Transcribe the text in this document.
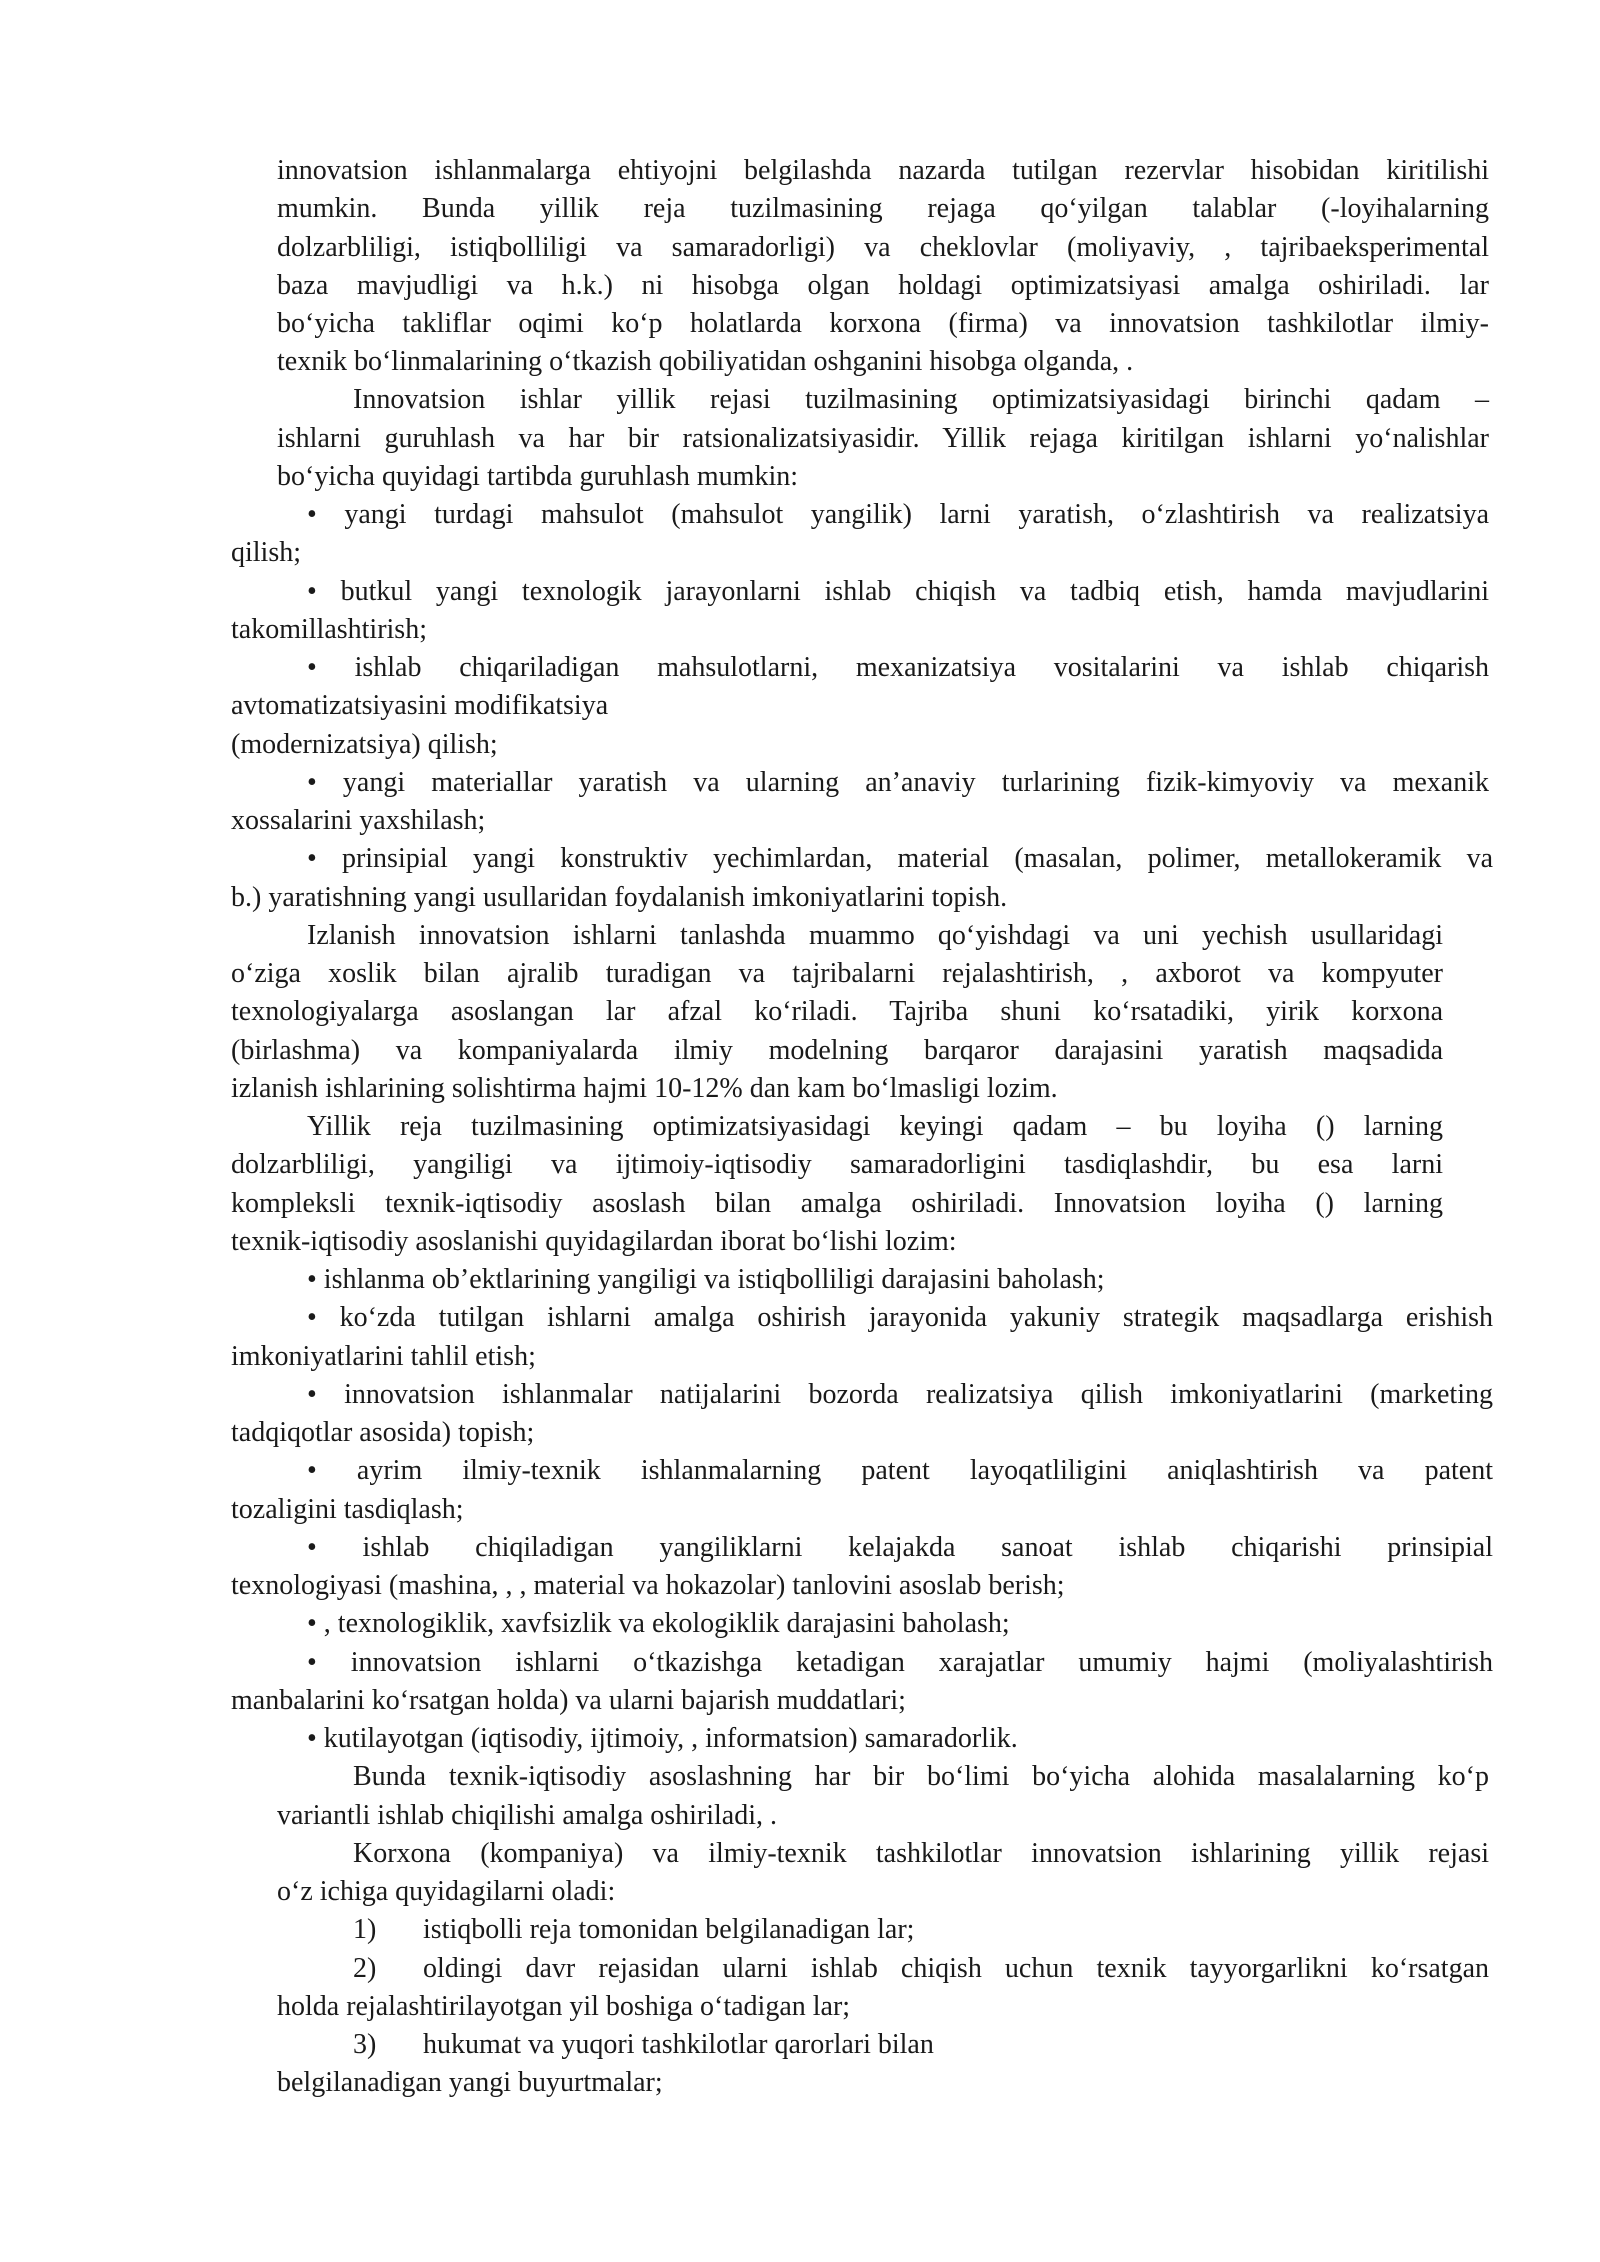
innovatsion ishlanmalarga ehtiyojni belgilashda nazarda tutilgan rezervlar hisobidan kiritilishi
mumkin. Bunda yillik reja tuzilmasining rejaga qo‘yilgan talablar (-loyihalarning
dolzarbliligi, istiqbolliligi va samaradorligi) va cheklovlar (moliyaviy, , tajribaeksperimental
baza mavjudligi va h.k.) ni hisobga olgan holdagi optimizatsiyasi amalga oshiriladi. lar
bo‘yicha takliflar oqimi ko‘p holatlarda korxona (firma) va innovatsion tashkilotlar ilmiy-
texnik bo‘linmalarining o‘tkazish qobiliyatidan oshganini hisobga olganda, .
Innovatsion ishlar yillik rejasi tuzilmasining optimizatsiyasidagi birinchi qadam –
ishlarni guruhlash va har bir ratsionalizatsiyasidir. Yillik rejaga kiritilgan ishlarni yo‘nalishlar
bo‘yicha quyidagi tartibda guruhlash mumkin:
• yangi turdagi mahsulot (mahsulot yangilik) larni yaratish, o‘zlashtirish va realizatsiya
qilish;
• butkul yangi texnologik jarayonlarni ishlab chiqish va tadbiq etish, hamda mavjudlarini
takomillashtirish;
• ishlab chiqariladigan mahsulotlarni, mexanizatsiya vositalarini va ishlab chiqarish
avtomatizatsiyasini modifikatsiya
(modernizatsiya) qilish;
• yangi materiallar yaratish va ularning an’anaviy turlarining fizik-kimyoviy va mexanik
xossalarini yaxshilash;
• prinsipial yangi konstruktiv yechimlardan, material (masalan, polimer, metallokeramik va
b.) yaratishning yangi usullaridan foydalanish imkoniyatlarini topish.
Izlanish innovatsion ishlarni tanlashda muammo qo‘yishdagi va uni yechish usullaridagi
o‘ziga xoslik bilan ajralib turadigan va tajribalarni rejalashtirish, , axborot va kompyuter
texnologiyalarga asoslangan lar afzal ko‘riladi. Tajriba shuni ko‘rsatadiki, yirik korxona
(birlashma) va kompaniyalarda ilmiy modelning barqaror darajasini yaratish maqsadida
izlanish ishlarining solishtirma hajmi 10-12% dan kam bo‘lmasligi lozim.
Yillik reja tuzilmasining optimizatsiyasidagi keyingi qadam – bu loyiha () larning
dolzarbliligi, yangiligi va ijtimoiy-iqtisodiy samaradorligini tasdiqlashdir, bu esa larni
kompleksli texnik-iqtisodiy asoslash bilan amalga oshiriladi. Innovatsion loyiha () larning
texnik-iqtisodiy asoslanishi quyidagilardan iborat bo‘lishi lozim:
• ishlanma ob’ektlarining yangiligi va istiqbolliligi darajasini baholash;
• ko‘zda tutilgan ishlarni amalga oshirish jarayonida yakuniy strategik maqsadlarga erishish
imkoniyatlarini tahlil etish;
• innovatsion ishlanmalar natijalarini bozorda realizatsiya qilish imkoniyatlarini (marketing
tadqiqotlar asosida) topish;
• ayrim ilmiy-texnik ishlanmalarning patent layoqatliligini aniqlashtirish va patent
tozaligini tasdiqlash;
• ishlab chiqiladigan yangiliklarni kelajakda sanoat ishlab chiqarishi prinsipial
texnologiyasi (mashina, , , material va hokazolar) tanlovini asoslab berish;
• , texnologiklik, xavfsizlik va ekologiklik darajasini baholash;
• innovatsion ishlarni o‘tkazishga ketadigan xarajatlar umumiy hajmi (moliyalashtirish
manbalarini ko‘rsatgan holda) va ularni bajarish muddatlari;
• kutilayotgan (iqtisodiy, ijtimoiy, , informatsion) samaradorlik.
Bunda texnik-iqtisodiy asoslashning har bir bo‘limi bo‘yicha alohida masalalarning ko‘p
variantli ishlab chiqilishi amalga oshiriladi, .
Korxona (kompaniya) va ilmiy-texnik tashkilotlar innovatsion ishlarining yillik rejasi
o‘z ichiga quyidagilarni oladi:
1) istiqbolli reja tomonidan belgilanadigan lar;
2) oldingi davr rejasidan ularni ishlab chiqish uchun texnik tayyorgarlikni ko‘rsatgan
holda rejalashtirilayotgan yil boshiga o‘tadigan lar;
3) hukumat va yuqori tashkilotlar qarorlari bilan
belgilanadigan yangi buyurtmalar;
